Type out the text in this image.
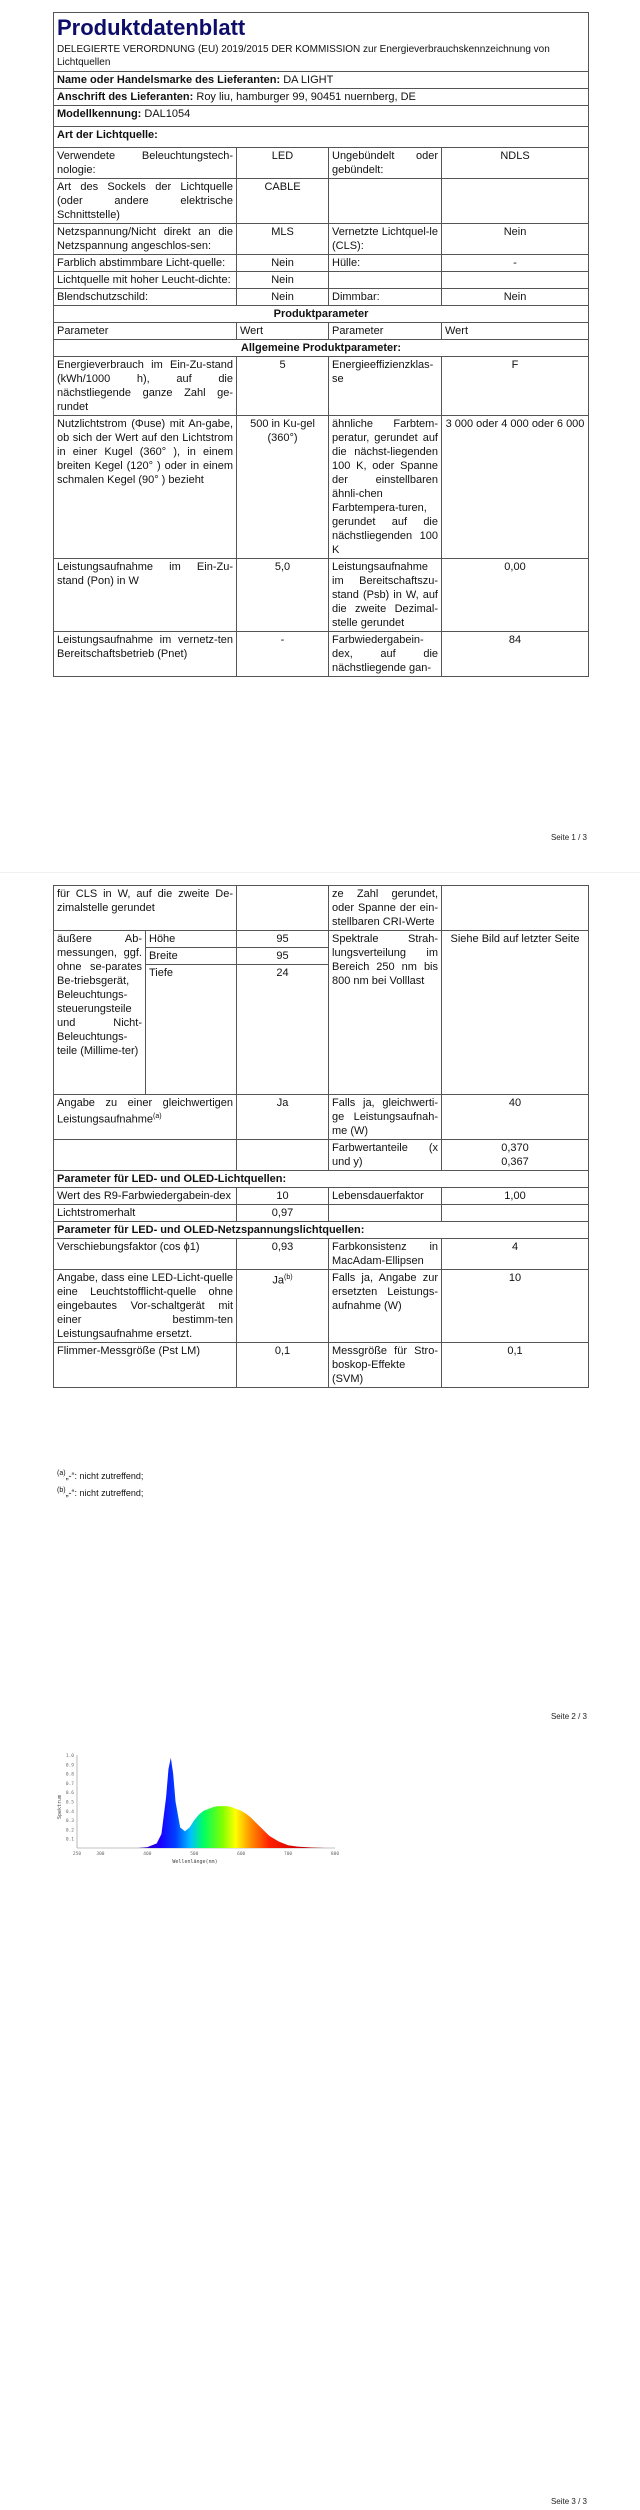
Produktdatenblatt
DELEGIERTE VERORDNUNG (EU) 2019/2015 DER KOMMISSION zur Energieverbrauchskennzeichnung von Lichtquellen			

Name oder Handelsmarke des Lieferanten: DA LIGHT			
Anschrift des Lieferanten: Roy liu, hamburger 99, 90451 nuernberg, DE			
Modellkennung: DAL1054			
Art der Lichtquelle:			
Verwendete Beleuchtungstech-nologie:	LED	Ungebündelt oder gebündelt:	NDLS
Art des Sockels der Lichtquelle (oder andere elektrische Schnittstelle)	CABLE		
Netzspannung/Nicht direkt an die Netzspannung angeschlos-sen:	MLS	Vernetzte Lichtquel-le (CLS):	Nein
Farblich abstimmbare Licht-quelle:	Nein	Hülle:	-
Lichtquelle mit hoher Leucht-dichte:	Nein		
Blendschutzschild:	Nein	Dimmbar:	Nein
Produktparameter			
Parameter	Wert	Parameter	Wert
Allgemeine Produktparameter:			
Energieverbrauch im Ein-Zu-stand (kWh/1000 h), auf die nächstliegende ganze Zahl ge-rundet	5	Energieeffizienzklas-se	F
Nutzlichtstrom (Φuse) mit An-gabe, ob sich der Wert auf den Lichtstrom in einer Kugel (360° ), in einem breiten Kegel (120° ) oder in einem schmalen Kegel (90° ) bezieht	500 in Ku-gel (360°)	ähnliche Farbtem-peratur, gerundet auf die nächst-liegenden 100 K, oder Spanne der einstellbaren ähnli-chen Farbtempera-turen, gerundet auf die nächstliegenden 100 K	3 000 oder 4 000 oder 6 000
Leistungsaufnahme im Ein-Zu-stand (Pon) in W	5,0	Leistungsaufnahme im Bereitschaftszu-stand (Psb) in W, auf die zweite Dezimal-stelle gerundet	0,00
Leistungsaufnahme im vernetz-ten Bereitschaftsbetrieb (Pnet)	-	Farbwiedergabein-dex, auf die nächstliegende gan-	84
Seite 1 / 3
für CLS in W, auf die zweite De-zimalstelle gerundet			ze Zahl gerundet, oder Spanne der ein-stellbaren CRI-Werte	
äußere Ab-messungen, ggf. ohne se-parates Be-triebsgerät, Beleuchtungs-steuerungsteile und Nicht-Beleuchtungs-teile (Millime-ter)	Höhe	95	Spektrale Strah-lungsverteilung im Bereich 250 nm bis 800 nm bei Volllast	Siehe Bild auf letzter Seite
	Breite	95		
	Tiefe	24		
Angabe zu einer gleichwertigen Leistungsaufnahme$^{(a)}$		Ja	Falls ja, gleichwerti-ge Leistungsaufnah-me (W)	40
			Farbwertanteile (x und y)	0,370
0,367

Parameter für LED- und OLED-Lichtquellen:				
Wert des R9-Farbwiedergabein-dex		10	Lebensdauerfaktor	1,00
Lichtstromerhalt		0,97		
Parameter für LED- und OLED-Netzspannungslichtquellen:				
Verschiebungsfaktor (cos ϕ1)		0,93	Farbkonsistenz in MacAdam-Ellipsen	4
Angabe, dass eine LED-Licht-quelle eine Leuchtstofflicht-quelle ohne eingebautes Vor-schaltgerät mit einer bestimm-ten Leistungsaufnahme ersetzt.		Ja$^{(b)}$	Falls ja, Angabe zur ersetzten Leistungs-aufnahme (W)	10
Flimmer-Messgröße (Pst LM)		0,1	Messgröße für Stro-boskop-Effekte (SVM)	0,1
$^{(a)}$„-“: nicht zutreffend;
$^{(b)}$„-“: nicht zutreffend;
Seite 2 / 3
1.0
0.9
0.8
0.7
0.6
0.5
0.4
0.3
0.2
0.1
250	300	400	500	600	700	800
Spektrum
Wellenlänge(nm)
Seite 3 / 3
